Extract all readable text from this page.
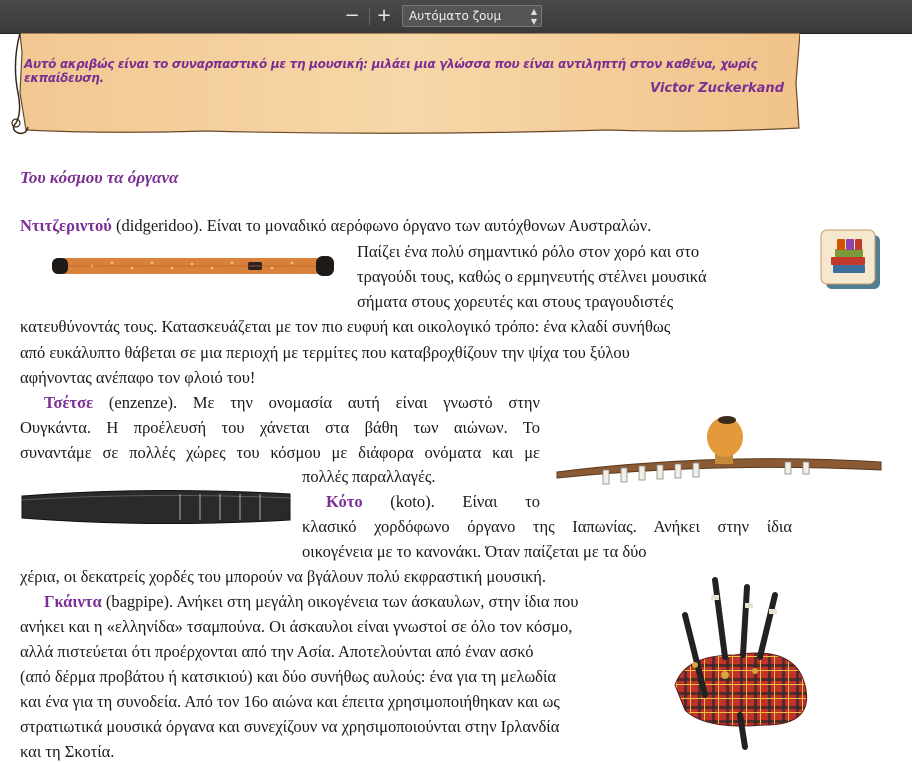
− +	Αυτόματο ζουμ	▲
▼
Αυτό ακριβώς είναι το συναρπαστικό με τη μουσική: μιλάει μια γλώσσα που είναι αντιληπτή στον καθένα, χωρίς εκπαίδευση.
Victor Zuckerkand
Του κόσμου τα όργανα
Ντιτζεριντού (didgeridoo). Είναι το μοναδικό αερόφωνο όργανο των αυτόχθονων Αυστραλών.
Παίζει ένα πολύ σημαντικό ρόλο στον χορό και στο
τραγούδι τους, καθώς ο ερμηνευτής στέλνει μουσικά
σήματα στους χορευτές και στους τραγουδιστές
κατευθύνοντάς τους. Κατασκευάζεται με τον πιο ευφυή και οικολογικό τρόπο: ένα κλαδί συνήθως
από ευκάλυπτο θάβεται σε μια περιοχή με τερμίτες που καταβροχθίζουν την ψίχα του ξύλου
αφήνοντας ανέπαφο τον φλοιό του!
Τσέτσε (enzenze). Με την ονομασία αυτή είναι γνωστό στην
Ουγκάντα. Η προέλευσή του χάνεται στα βάθη των αιώνων. Το
συναντάμε σε πολλές χώρες του κόσμου με διάφορα ονόματα και με
πολλές παραλλαγές.
Κότο (koto). Είναι το
κλασικό χορδόφωνο όργανο της Ιαπωνίας. Ανήκει στην ίδια
οικογένεια με το κανονάκι. Όταν παίζεται με τα δύο
χέρια, οι δεκατρείς χορδές του μπορούν να βγάλουν πολύ εκφραστική μουσική.
Γκάιντα (bagpipe). Ανήκει στη μεγάλη οικογένεια των άσκαυλων, στην ίδια που
ανήκει και η «ελληνίδα» τσαμπούνα. Οι άσκαυλοι είναι γνωστοί σε όλο τον κόσμο,
αλλά πιστεύεται ότι προέρχονται από την Ασία. Αποτελούνται από έναν ασκό
(από δέρμα προβάτου ή κατσικιού) και δύο συνήθως αυλούς: ένα για τη μελωδία
και ένα για τη συνοδεία. Από τον 16ο αιώνα και έπειτα χρησιμοποιήθηκαν και ως
στρατιωτικά μουσικά όργανα και συνεχίζουν να χρησιμοποιούνται στην Ιρλανδία
και τη Σκοτία.
